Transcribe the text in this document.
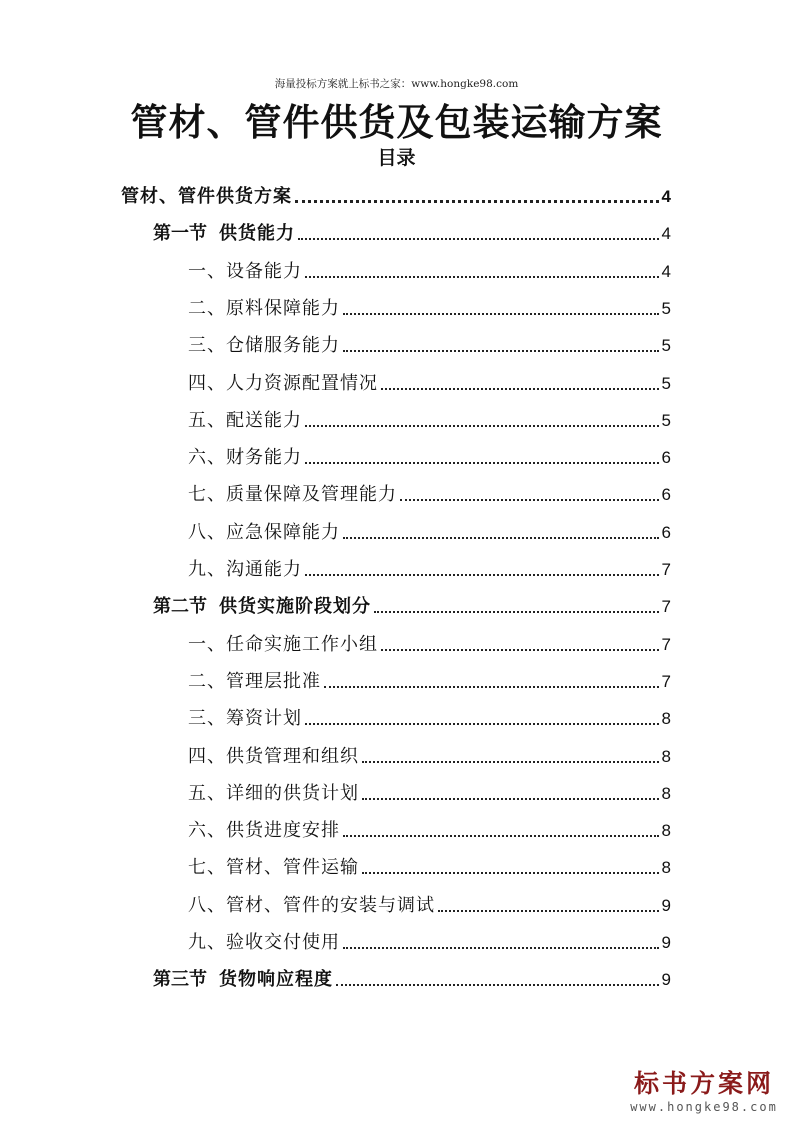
海量投标方案就上标书之家：www.hongke98.com
管材、管件供货及包装运输方案
目录
管材、管件供货方案	4
第一节 供货能力	4
一、设备能力	4
二、原料保障能力	5
三、仓储服务能力	5
四、人力资源配置情况	5
五、配送能力	5
六、财务能力	6
七、质量保障及管理能力	6
八、应急保障能力	6
九、沟通能力	7
第二节 供货实施阶段划分	7
一、任命实施工作小组	7
二、管理层批准	7
三、筹资计划	8
四、供货管理和组织	8
五、详细的供货计划	8
六、供货进度安排	8
七、管材、管件运输	8
八、管材、管件的安装与调试	9
九、验收交付使用	9
第三节 货物响应程度	9
标书方案网
www.hongke98.com
